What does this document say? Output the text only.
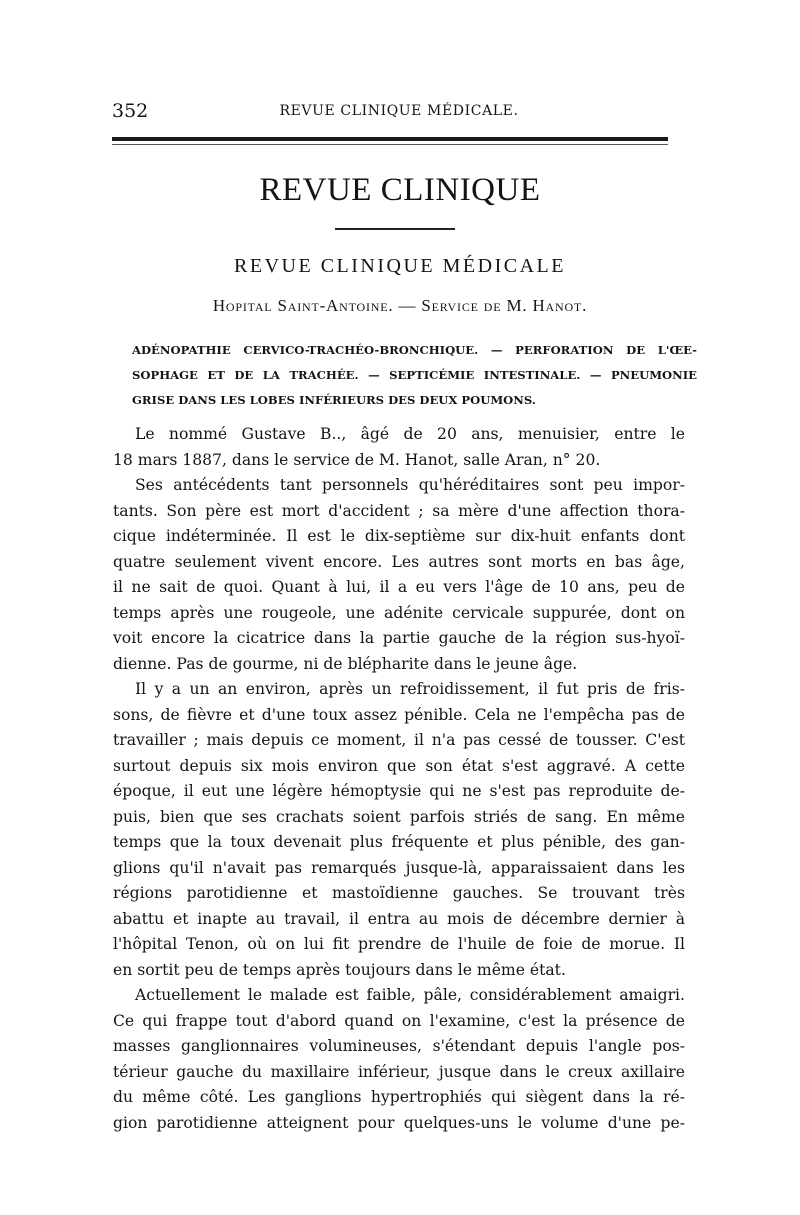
352	REVUE CLINIQUE MÉDICALE.
REVUE CLINIQUE
REVUE CLINIQUE MÉDICALE
Hopital Saint-Antoine. — Service de M. Hanot.
ADÉNOPATHIE CERVICO-TRACHÉO-BRONCHIQUE. — PERFORATION DE L'ŒE-
SOPHAGE ET DE LA TRACHÉE. — SEPTICÉMIE INTESTINALE. — PNEUMONIE
GRISE DANS LES LOBES INFÉRIEURS DES DEUX POUMONS.
Le nommé Gustave B.., âgé de 20 ans, menuisier, entre le
18 mars 1887, dans le service de M. Hanot, salle Aran, n° 20.
Ses antécédents tant personnels qu'héréditaires sont peu impor-
tants. Son père est mort d'accident ; sa mère d'une affection thora-
cique indéterminée. Il est le dix-septième sur dix-huit enfants dont
quatre seulement vivent encore. Les autres sont morts en bas âge,
il ne sait de quoi. Quant à lui, il a eu vers l'âge de 10 ans, peu de
temps après une rougeole, une adénite cervicale suppurée, dont on
voit encore la cicatrice dans la partie gauche de la région sus-hyoï-
dienne. Pas de gourme, ni de blépharite dans le jeune âge.
Il y a un an environ, après un refroidissement, il fut pris de fris-
sons, de fièvre et d'une toux assez pénible. Cela ne l'empêcha pas de
travailler ; mais depuis ce moment, il n'a pas cessé de tousser. C'est
surtout depuis six mois environ que son état s'est aggravé. A cette
époque, il eut une légère hémoptysie qui ne s'est pas reproduite de-
puis, bien que ses crachats soient parfois striés de sang. En même
temps que la toux devenait plus fréquente et plus pénible, des gan-
glions qu'il n'avait pas remarqués jusque-là, apparaissaient dans les
régions parotidienne et mastoïdienne gauches. Se trouvant très
abattu et inapte au travail, il entra au mois de décembre dernier à
l'hôpital Tenon, où on lui fit prendre de l'huile de foie de morue. Il
en sortit peu de temps après toujours dans le même état.
Actuellement le malade est faible, pâle, considérablement amaigri.
Ce qui frappe tout d'abord quand on l'examine, c'est la présence de
masses ganglionnaires volumineuses, s'étendant depuis l'angle pos-
térieur gauche du maxillaire inférieur, jusque dans le creux axillaire
du même côté. Les ganglions hypertrophiés qui siègent dans la ré-
gion parotidienne atteignent pour quelques-uns le volume d'une pe-
